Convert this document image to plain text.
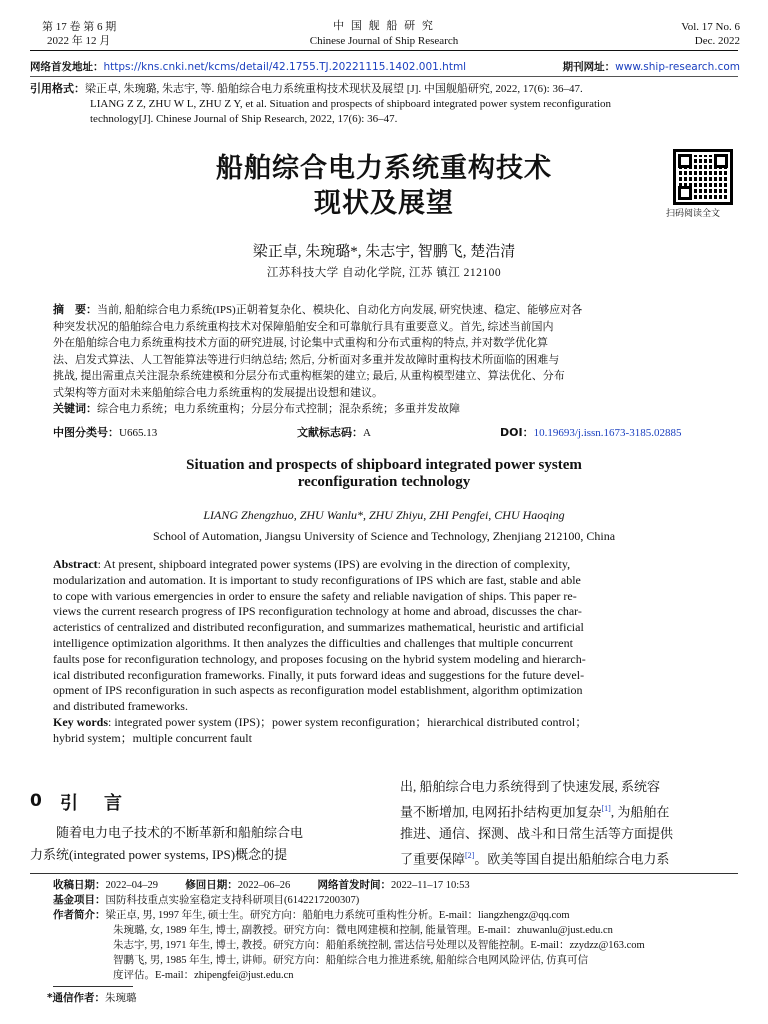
第 17 卷 第 6 期
2022 年 12 月
中 国 舰 船 研 究
Chinese Journal of Ship Research
Vol. 17 No. 6
Dec. 2022
网络首发地址：https://kns.cnki.net/kcms/detail/42.1755.TJ.20221115.1402.001.html	期刊网址：www.ship-research.com
引用格式：梁正卓, 朱琬璐, 朱志宇, 等. 船舶综合电力系统重构技术现状及展望 [J]. 中国舰船研究, 2022, 17(6): 36–47.
LIANG Z Z, ZHU W L, ZHU Z Y, et al. Situation and prospects of shipboard integrated power system reconfiguration
technology[J]. Chinese Journal of Ship Research, 2022, 17(6): 36–47.
船舶综合电力系统重构技术
现状及展望	扫码阅读全文
梁正卓, 朱琬璐*, 朱志宇, 智鹏飞, 楚浩清
江苏科技大学 自动化学院, 江苏 镇江 212100
摘　要：当前, 船舶综合电力系统(IPS)正朝着复杂化、模块化、自动化方向发展, 研究快速、稳定、能够应对各
种突发状况的船舶综合电力系统重构技术对保障船舶安全和可靠航行具有重要意义。首先, 综述当前国内
外在船舶综合电力系统重构技术方面的研究进展, 讨论集中式重构和分布式重构的特点, 并对数学优化算
法、启发式算法、人工智能算法等进行归纳总结; 然后, 分析面对多重并发故障时重构技术所面临的困难与
挑战, 提出需重点关注混杂系统建模和分层分布式重构框架的建立; 最后, 从重构模型建立、算法优化、分布
式架构等方面对未来船舶综合电力系统重构的发展提出设想和建议。
关键词：综合电力系统；电力系统重构；分层分布式控制；混杂系统；多重并发故障
中图分类号：U665.13	文献标志码：A	DOI：10.19693/j.issn.1673-3185.02885
Situation and prospects of shipboard integrated power system
reconfiguration technology
LIANG Zhengzhuo, ZHU Wanlu*, ZHU Zhiyu, ZHI Pengfei, CHU Haoqing
School of Automation, Jiangsu University of Science and Technology, Zhenjiang 212100, China
Abstract: At present, shipboard integrated power systems (IPS) are evolving in the direction of complexity,
modularization and automation. It is important to study reconfigurations of IPS which are fast, stable and able
to cope with various emergencies in order to ensure the safety and reliable navigation of ships. This paper re-
views the current research progress of IPS reconfiguration technology at home and abroad, discusses the char-
acteristics of centralized and distributed reconfiguration, and summarizes mathematical, heuristic and artificial
intelligence optimization algorithms. It then analyzes the difficulties and challenges that multiple concurrent
faults pose for reconfiguration technology, and proposes focusing on the hybrid system modeling and hierarch-
ical distributed reconfiguration frameworks. Finally, it puts forward ideas and suggestions for the future devel-
opment of IPS reconfiguration in such aspects as reconfiguration model establishment, algorithm optimization
and distributed frameworks.
Key words: integrated power system (IPS)；power system reconfiguration；hierarchical distributed control；
hybrid system；multiple concurrent fault
0 引　言
随着电力电子技术的不断革新和船舶综合电
力系统(integrated power systems, IPS)概念的提
出, 船舶综合电力系统得到了快速发展, 系统容
量不断增加, 电网拓扑结构更加复杂[1], 为船舶在
推进、通信、探测、战斗和日常生活等方面提供
了重要保障[2]。欧美等国自提出船舶综合电力系
收稿日期：2022–04–29	修回日期：2022–06–26	网络首发时间：2022–11–17 10:53
基金项目：国防科技重点实验室稳定支持科研项目(6142217200307)
作者简介：梁正卓, 男, 1997 年生, 硕士生。研究方向：船舶电力系统可重构性分析。E-mail：liangzhengz@qq.com
朱琬璐, 女, 1989 年生, 博士, 副教授。研究方向：微电网建模和控制, 能量管理。E-mail：zhuwanlu@just.edu.cn
朱志宇, 男, 1971 年生, 博士, 教授。研究方向：船舶系统控制, 雷达信号处理以及智能控制。E-mail：zzydzz@163.com
智鹏飞, 男, 1985 年生, 博士, 讲师。研究方向：船舶综合电力推进系统, 船舶综合电网风险评估, 仿真可信
度评估。E-mail：zhipengfei@just.edu.cn
*通信作者：朱琬璐
